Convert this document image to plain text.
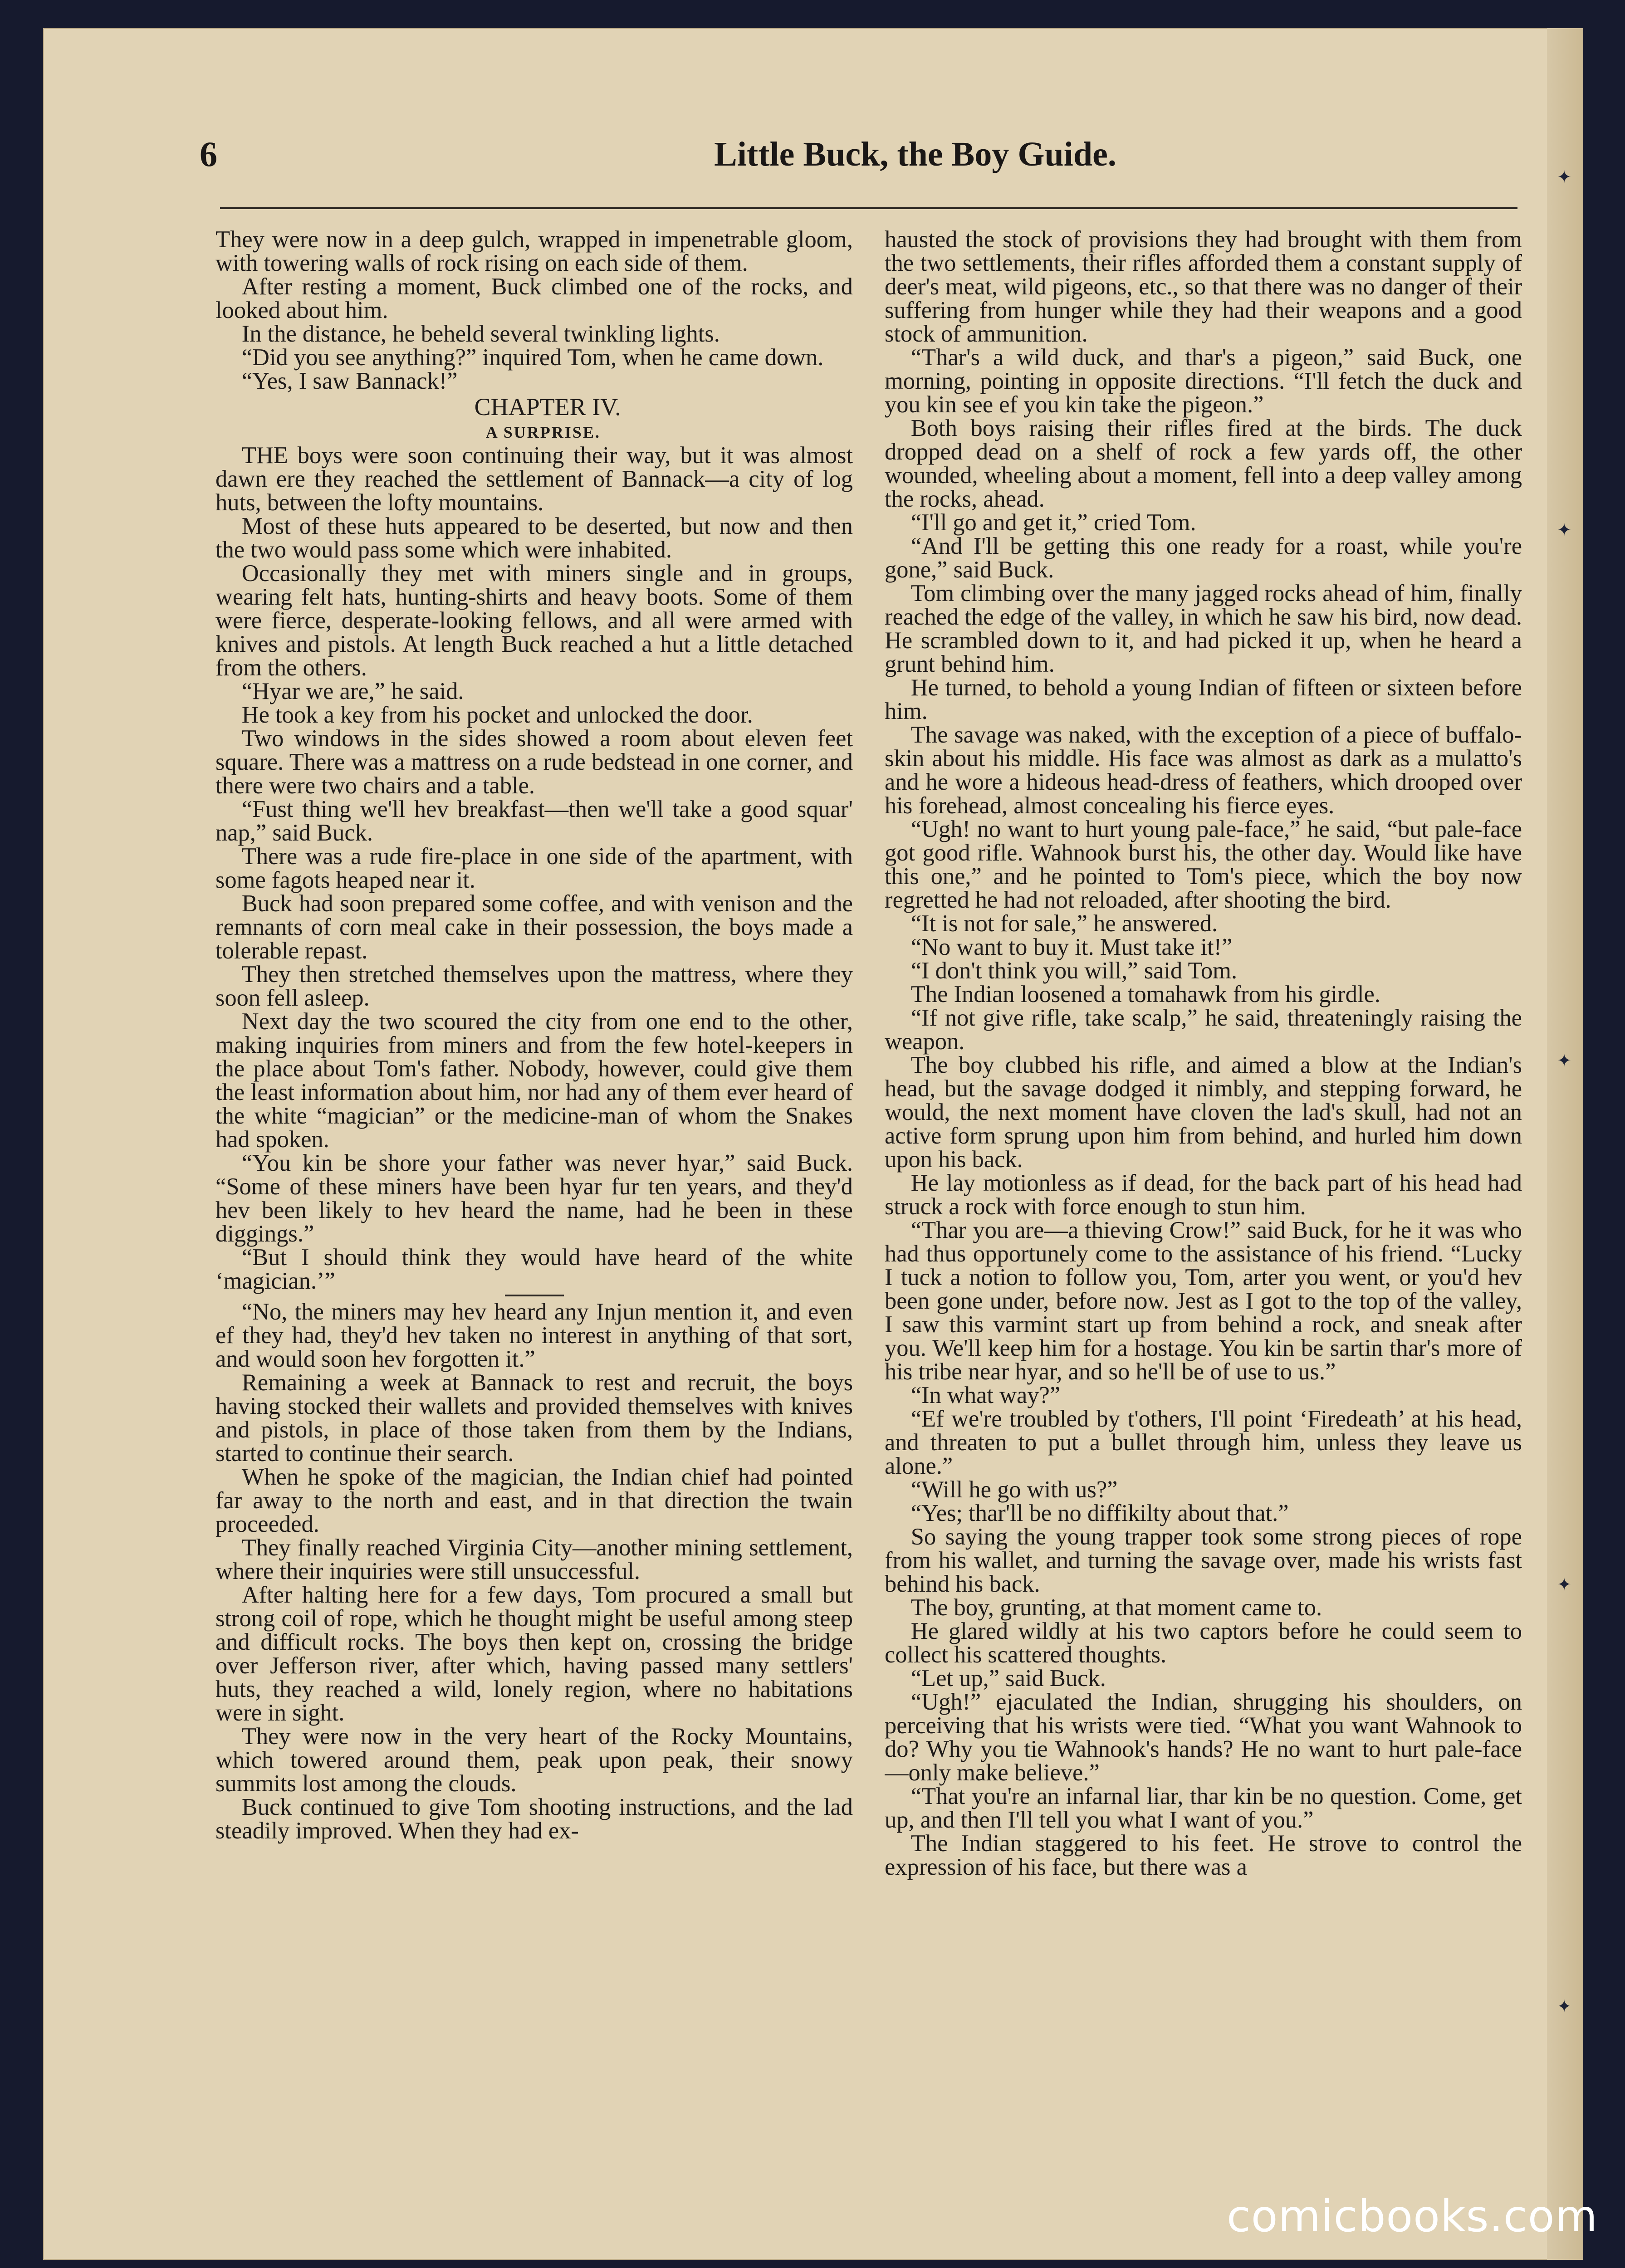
6	Little Buck, the Boy Guide.

They were now in a deep gulch, wrapped in impenetrable gloom, with towering walls of rock rising on each side of them.

After resting a moment, Buck climbed one of the rocks, and looked about him.

In the distance, he beheld several twinkling lights.

“Did you see anything?” inquired Tom, when he came down.

“Yes, I saw Bannack!”

CHAPTER IV.

A SURPRISE.

THE boys were soon continuing their way, but it was almost dawn ere they reached the settlement of Bannack—a city of log huts, between the lofty mountains.

Most of these huts appeared to be deserted, but now and then the two would pass some which were inhabited.

Occasionally they met with miners single and in groups, wearing felt hats, hunting-shirts and heavy boots. Some of them were fierce, desperate-looking fellows, and all were armed with knives and pistols. At length Buck reached a hut a little detached from the others.

“Hyar we are,” he said.

He took a key from his pocket and unlocked the door.

Two windows in the sides showed a room about eleven feet square. There was a mattress on a rude bedstead in one corner, and there were two chairs and a table.

“Fust thing we'll hev breakfast—then we'll take a good squar' nap,” said Buck.

There was a rude fire-place in one side of the apartment, with some fagots heaped near it.

Buck had soon prepared some coffee, and with venison and the remnants of corn meal cake in their possession, the boys made a tolerable repast.

They then stretched themselves upon the mattress, where they soon fell asleep.

Next day the two scoured the city from one end to the other, making inquiries from miners and from the few hotel-keepers in the place about Tom's father. Nobody, however, could give them the least information about him, nor had any of them ever heard of the white “magician” or the medicine-man of whom the Snakes had spoken.

“You kin be shore your father was never hyar,” said Buck. “Some of these miners have been hyar fur ten years, and they'd hev been likely to hev heard the name, had he been in these diggings.”

“But I should think they would have heard of the white ‘magician.’”

“No, the miners may hev heard any Injun mention it, and even ef they had, they'd hev taken no interest in anything of that sort, and would soon hev forgotten it.”

Remaining a week at Bannack to rest and recruit, the boys having stocked their wallets and provided themselves with knives and pistols, in place of those taken from them by the Indians, started to continue their search.

When he spoke of the magician, the Indian chief had pointed far away to the north and east, and in that direction the twain proceeded.

They finally reached Virginia City—another mining settlement, where their inquiries were still unsuccessful.

After halting here for a few days, Tom procured a small but strong coil of rope, which he thought might be useful among steep and difficult rocks. The boys then kept on, crossing the bridge over Jefferson river, after which, having passed many settlers' huts, they reached a wild, lonely region, where no habitations were in sight.

They were now in the very heart of the Rocky Mountains, which towered around them, peak upon peak, their snowy summits lost among the clouds.

Buck continued to give Tom shooting instructions, and the lad steadily improved. When they had ex-

hausted the stock of provisions they had brought with them from the two settlements, their rifles afforded them a constant supply of deer's meat, wild pigeons, etc., so that there was no danger of their suffering from hunger while they had their weapons and a good stock of ammunition.

“Thar's a wild duck, and thar's a pigeon,” said Buck, one morning, pointing in opposite directions. “I'll fetch the duck and you kin see ef you kin take the pigeon.”

Both boys raising their rifles fired at the birds. The duck dropped dead on a shelf of rock a few yards off, the other wounded, wheeling about a moment, fell into a deep valley among the rocks, ahead.

“I'll go and get it,” cried Tom.

“And I'll be getting this one ready for a roast, while you're gone,” said Buck.

Tom climbing over the many jagged rocks ahead of him, finally reached the edge of the valley, in which he saw his bird, now dead. He scrambled down to it, and had picked it up, when he heard a grunt behind him.

He turned, to behold a young Indian of fifteen or sixteen before him.

The savage was naked, with the exception of a piece of buffalo-skin about his middle. His face was almost as dark as a mulatto's and he wore a hideous head-dress of feathers, which drooped over his forehead, almost concealing his fierce eyes.

“Ugh! no want to hurt young pale-face,” he said, “but pale-face got good rifle. Wahnook burst his, the other day. Would like have this one,” and he pointed to Tom's piece, which the boy now regretted he had not reloaded, after shooting the bird.

“It is not for sale,” he answered.

“No want to buy it. Must take it!”

“I don't think you will,” said Tom.

The Indian loosened a tomahawk from his girdle.

“If not give rifle, take scalp,” he said, threateningly raising the weapon.

The boy clubbed his rifle, and aimed a blow at the Indian's head, but the savage dodged it nimbly, and stepping forward, he would, the next moment have cloven the lad's skull, had not an active form sprung upon him from behind, and hurled him down upon his back.

He lay motionless as if dead, for the back part of his head had struck a rock with force enough to stun him.

“Thar you are—a thieving Crow!” said Buck, for he it was who had thus opportunely come to the assistance of his friend. “Lucky I tuck a notion to follow you, Tom, arter you went, or you'd hev been gone under, before now. Jest as I got to the top of the valley, I saw this varmint start up from behind a rock, and sneak after you. We'll keep him for a hostage. You kin be sartin thar's more of his tribe near hyar, and so he'll be of use to us.”

“In what way?”

“Ef we're troubled by t'others, I'll point ‘Firedeath’ at his head, and threaten to put a bullet through him, unless they leave us alone.”

“Will he go with us?”

“Yes; thar'll be no diffikilty about that.”

So saying the young trapper took some strong pieces of rope from his wallet, and turning the savage over, made his wrists fast behind his back.

The boy, grunting, at that moment came to.

He glared wildly at his two captors before he could seem to collect his scattered thoughts.

“Let up,” said Buck.

“Ugh!” ejaculated the Indian, shrugging his shoulders, on perceiving that his wrists were tied. “What you want Wahnook to do? Why you tie Wahnook's hands? He no want to hurt pale-face—only make believe.”

“That you're an infarnal liar, thar kin be no question. Come, get up, and then I'll tell you what I want of you.”

The Indian staggered to his feet. He strove to control the expression of his face, but there was a

✦
✦
✦
✦
✦
comicbooks.com
